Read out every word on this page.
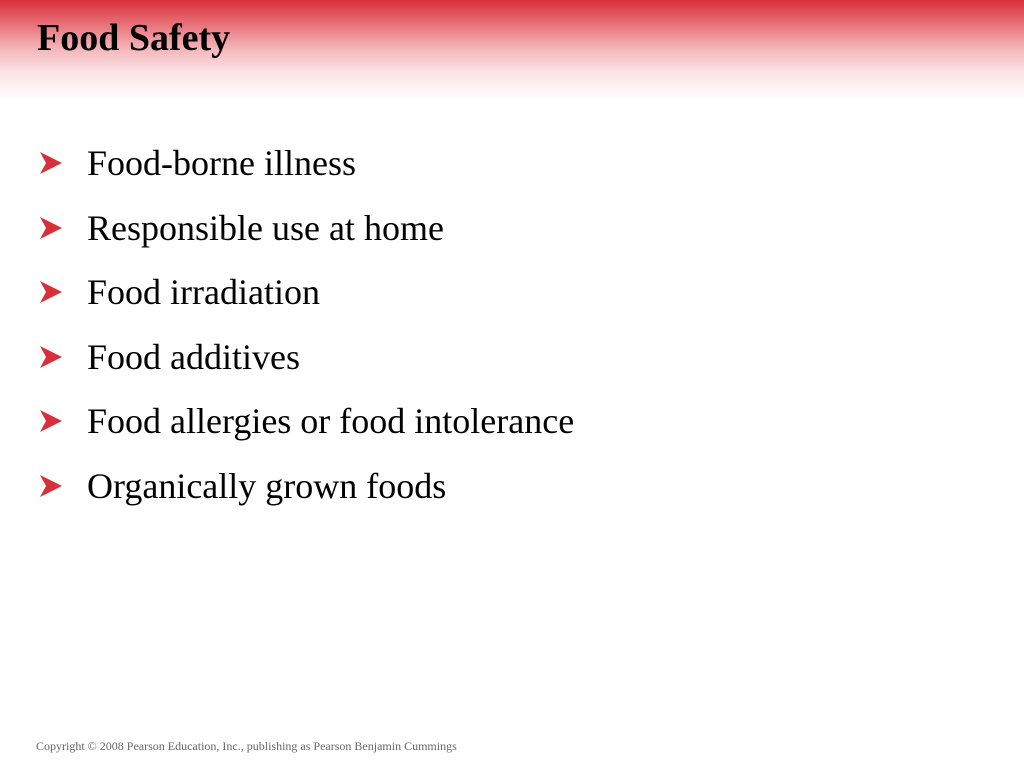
Food Safety
Food-borne illness
Responsible use at home
Food irradiation
Food additives
Food allergies or food intolerance
Organically grown foods
Copyright © 2008 Pearson Education, Inc., publishing as Pearson Benjamin Cummings
